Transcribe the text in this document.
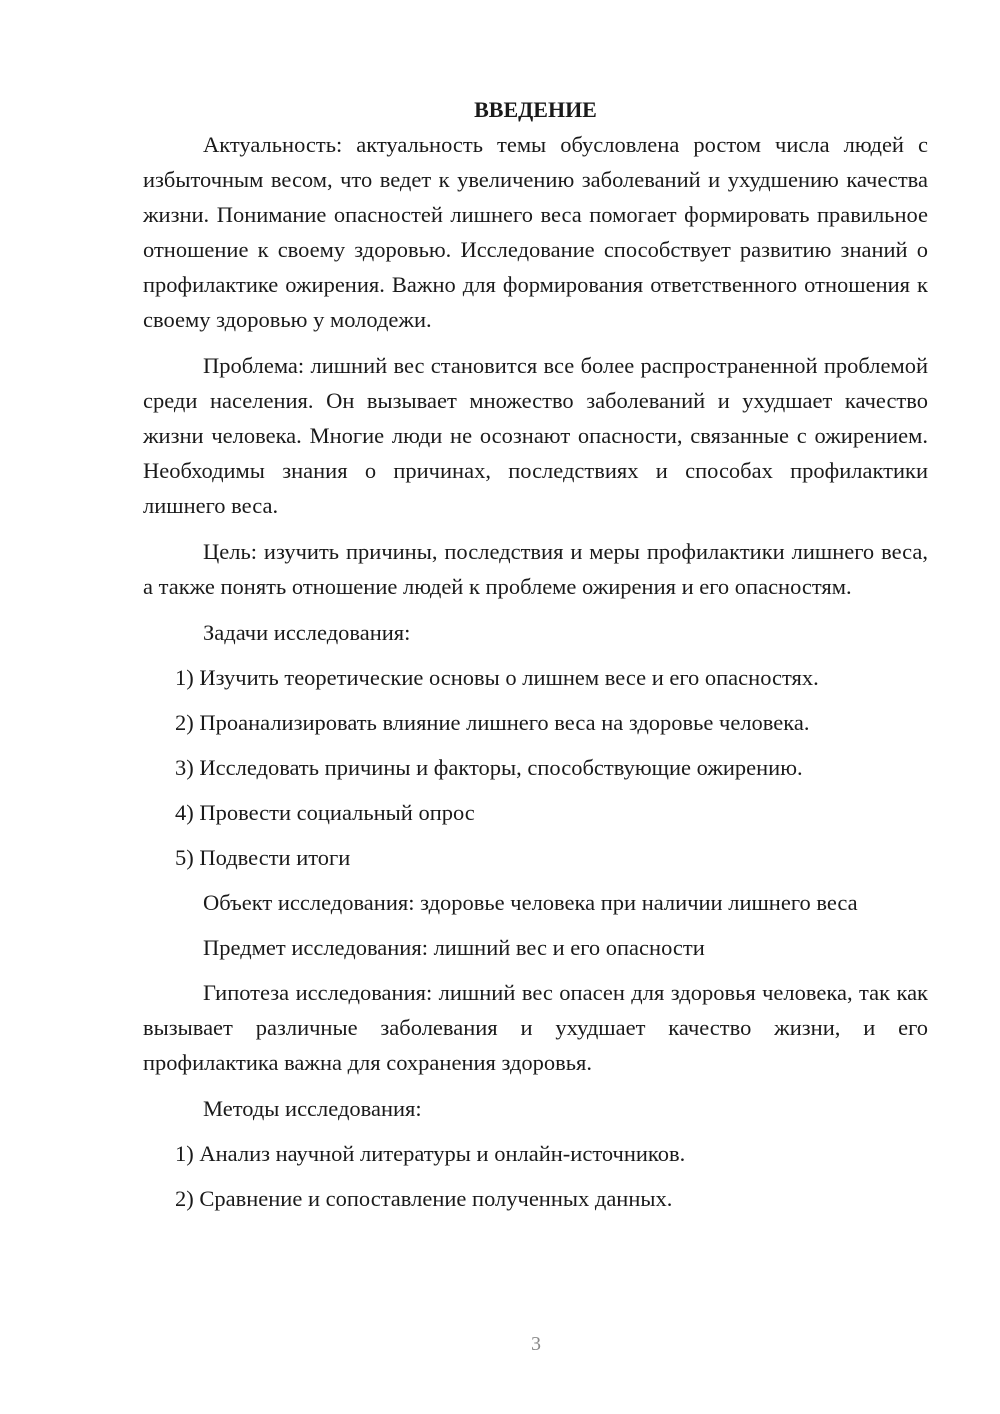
ВВЕДЕНИЕ

Актуальность: актуальность темы обусловлена ростом числа людей с избыточным весом, что ведет к увеличению заболеваний и ухудшению качества жизни. Понимание опасностей лишнего веса помогает формировать правильное отношение к своему здоровью. Исследование способствует развитию знаний о профилактике ожирения. Важно для формирования ответственного отношения к своему здоровью у молодежи.

Проблема: лишний вес становится все более распространенной проблемой среди населения. Он вызывает множество заболеваний и ухудшает качество жизни человека. Многие люди не осознают опасности, связанные с ожирением. Необходимы знания о причинах, последствиях и способах профилактики лишнего веса.

Цель: изучить причины, последствия и меры профилактики лишнего веса, а также понять отношение людей к проблеме ожирения и его опасностям.

Задачи исследования:

1) Изучить теоретические основы о лишнем весе и его опасностях.

2) Проанализировать влияние лишнего веса на здоровье человека.

3) Исследовать причины и факторы, способствующие ожирению.

4) Провести социальный опрос

5) Подвести итоги

Объект исследования: здоровье человека при наличии лишнего веса

Предмет исследования: лишний вес и его опасности

Гипотеза исследования: лишний вес опасен для здоровья человека, так как вызывает различные заболевания и ухудшает качество жизни, и его профилактика важна для сохранения здоровья.

Методы исследования:

1) Анализ научной литературы и онлайн-источников.

2) Сравнение и сопоставление полученных данных.

3
